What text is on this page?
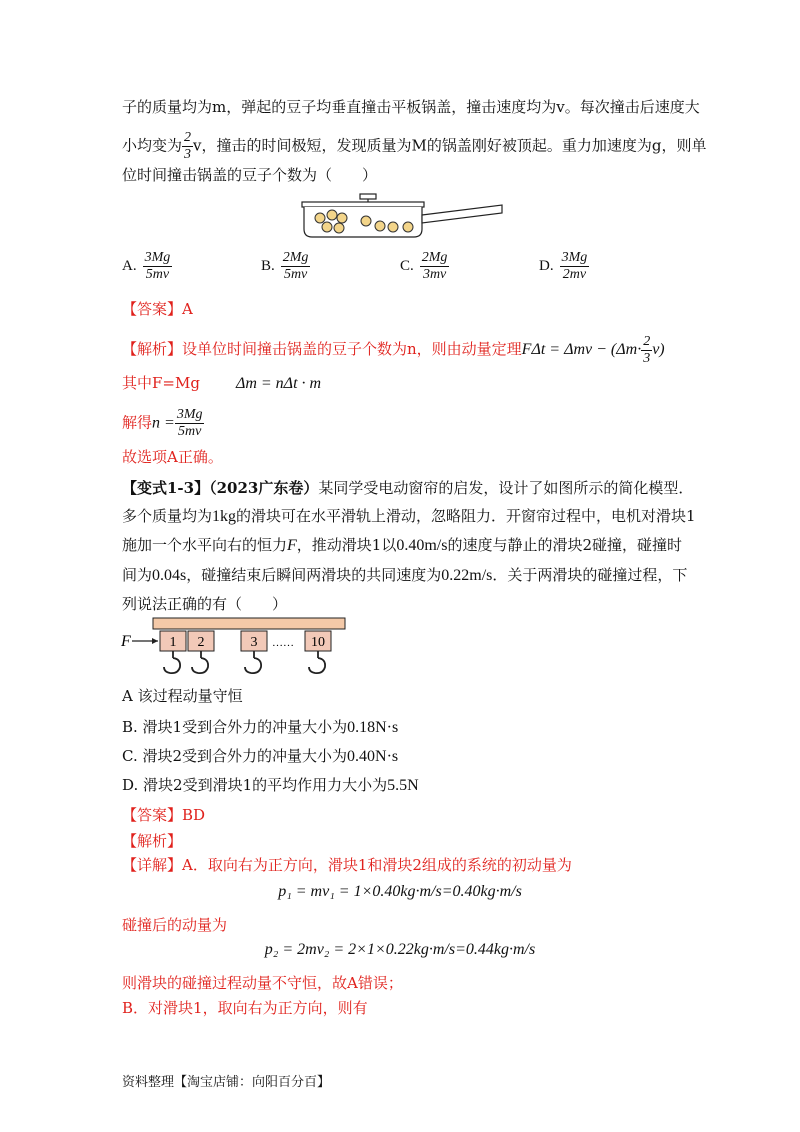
子的质量均为m，弹起的豆子均垂直撞击平板锅盖，撞击速度均为v。每次撞击后速度大
小均变为 $\frac{2}{3}$ v，撞击的时间极短，发现质量为M的锅盖刚好被顶起。重力加速度为g，则单
位时间撞击锅盖的豆子个数为（　　）
A. $\frac{3Mg}{5mv}$	B. $\frac{2Mg}{5mv}$	C. $\frac{2Mg}{3mv}$	D. $\frac{3Mg}{2mv}$
【答案】A
【解析】设单位时间撞击锅盖的豆子个数为n，则由动量定理$F\Delta t = \Delta mv - (\Delta m\cdot \frac{2}{3} v)$
其中F=Mg Δm = nΔt · m
解得$n = \frac{3Mg}{5mv}$
故选项A正确。
【变式1-3】（2023广东卷）某同学受电动窗帘的启发，设计了如图所示的简化模型．
多个质量均为1kg的滑块可在水平滑轨上滑动，忽略阻力．开窗帘过程中，电机对滑块1
施加一个水平向右的恒力F，推动滑块1以0.40m/s的速度与静止的滑块2碰撞，碰撞时
间为0.04s，碰撞结束后瞬间两滑块的共同速度为0.22m/s．关于两滑块的碰撞过程，下
列说法正确的有（　　）
F	1 2	3 …… 10
A 该过程动量守恒
B. 滑块1受到合外力的冲量大小为0.18N·s
C. 滑块2受到合外力的冲量大小为0.40N·s
D. 滑块2受到滑块1的平均作用力大小为5.5N
【答案】BD
【解析】
【详解】A．取向右为正方向，滑块1和滑块2组成的系统的初动量为
p₁ = mv₁ = 1×0.40kg·m/s=0.40kg·m/s
碰撞后的动量为
p₂ = 2mv₂ = 2×1×0.22kg·m/s=0.44kg·m/s
则滑块的碰撞过程动量不守恒，故A错误；
B．对滑块1，取向右为正方向，则有
资料整理【淘宝店铺：向阳百分百】
